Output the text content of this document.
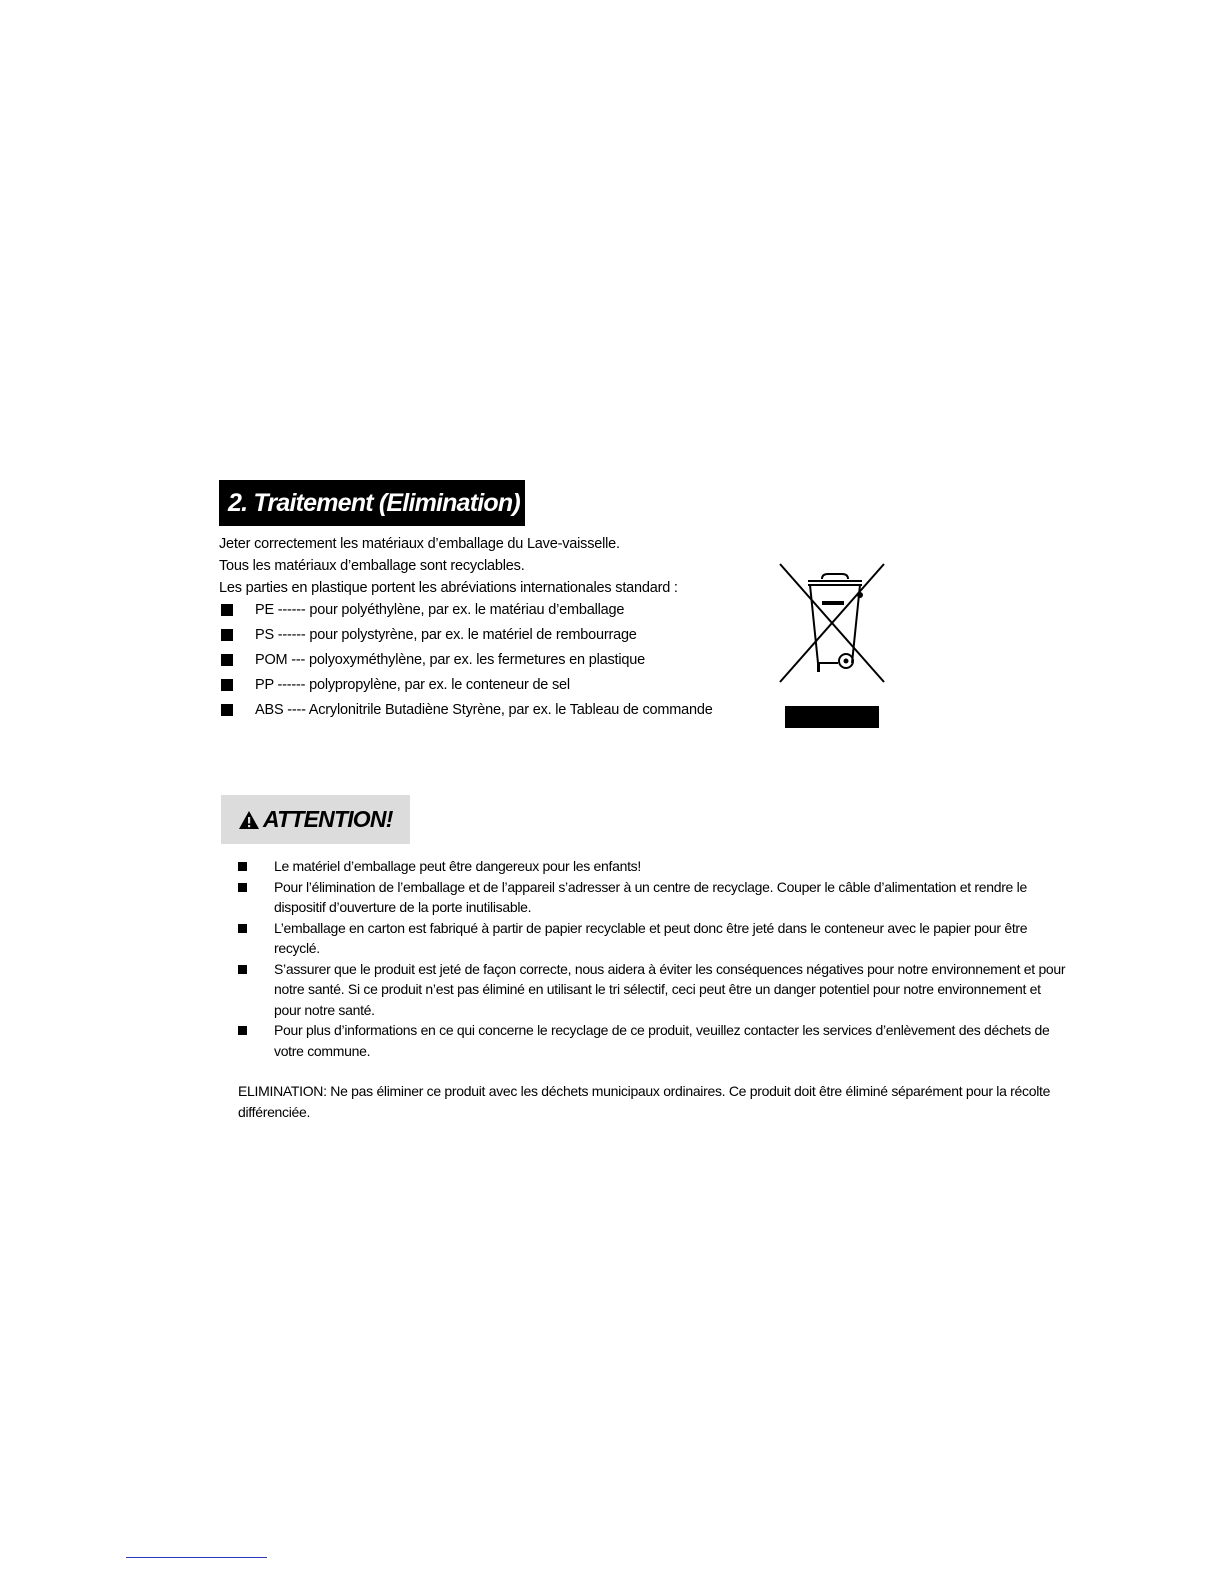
2. Traitement (Elimination)
Jeter correctement les matériaux d’emballage du Lave-vaisselle.
Tous les matériaux d’emballage sont recyclables.
Les parties en plastique portent les abréviations internationales standard :
PE ------ pour polyéthylène, par ex. le matériau d’emballage
PS ------ pour polystyrène, par ex. le matériel de rembourrage
POM --- polyoxyméthylène, par ex. les fermetures en plastique
PP ------ polypropylène, par ex. le conteneur de sel
ABS ---- Acrylonitrile Butadiène Styrène, par ex. le Tableau de commande
ATTENTION!
Le matériel d’emballage peut être dangereux pour les enfants!
Pour l’élimination de l’emballage et de l’appareil s’adresser à un centre de recyclage. Couper le câble d’alimentation et rendre le dispositif d’ouverture de la porte inutilisable.
L’emballage en carton est fabriqué à partir de papier recyclable et peut donc être jeté dans le conteneur avec le papier pour être recyclé.
S’assurer que le produit est jeté de façon correcte, nous aidera à éviter les conséquences négatives pour notre environnement et pour notre santé. Si ce produit n’est pas éliminé en utilisant le tri sélectif, ceci peut être un danger potentiel pour notre environnement et pour notre santé.
Pour plus d’informations en ce qui concerne le recyclage de ce produit, veuillez contacter les services d’enlèvement des déchets de votre commune.
ELIMINATION: Ne pas éliminer ce produit avec les déchets municipaux ordinaires. Ce produit doit être éliminé séparément pour la récolte différenciée.
